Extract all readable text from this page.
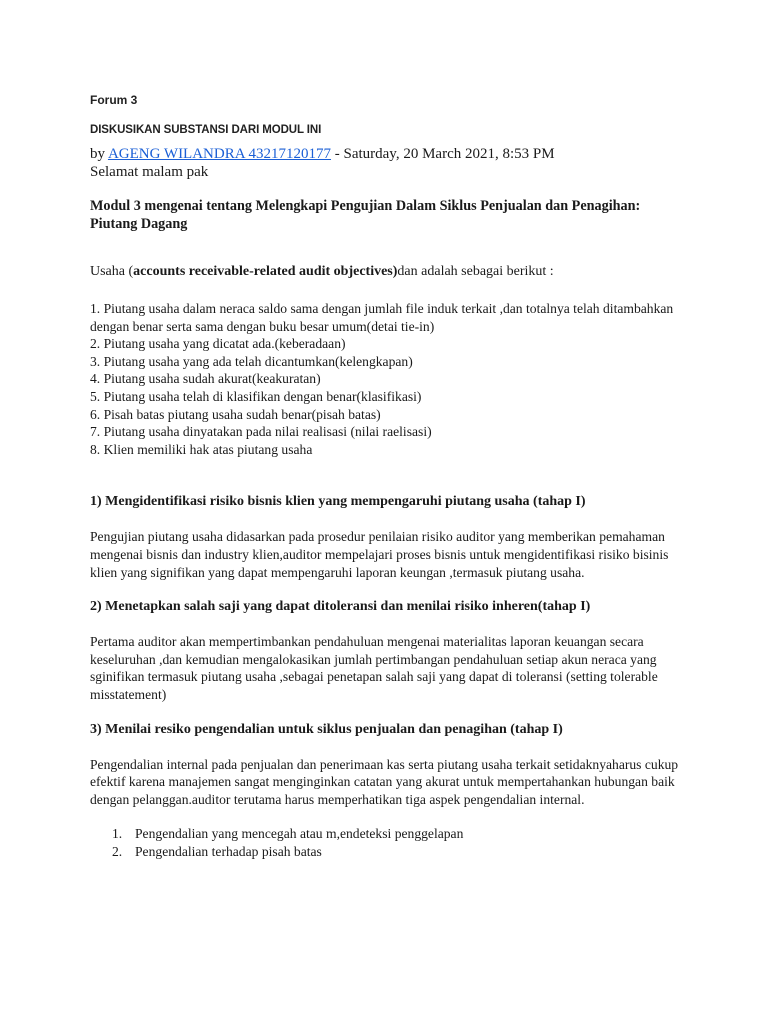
Forum 3
DISKUSIKAN SUBSTANSI DARI MODUL INI
by AGENG WILANDRA 43217120177 - Saturday, 20 March 2021, 8:53 PM
Selamat malam pak
Modul 3 mengenai tentang Melengkapi Pengujian Dalam Siklus Penjualan dan Penagihan: Piutang Dagang
Usaha (accounts receivable-related audit objectives)dan adalah sebagai berikut :
1. Piutang usaha dalam neraca saldo sama dengan jumlah file induk terkait ,dan totalnya telah ditambahkan dengan benar serta sama dengan buku besar umum(detai tie-in)
2. Piutang usaha yang dicatat ada.(keberadaan)
3. Piutang usaha yang ada telah dicantumkan(kelengkapan)
4. Piutang usaha sudah akurat(keakuratan)
5. Piutang usaha telah di klasifikan dengan benar(klasifikasi)
6. Pisah batas piutang usaha sudah benar(pisah batas)
7. Piutang usaha dinyatakan pada nilai realisasi (nilai raelisasi)
8. Klien memiliki hak atas piutang usaha
1) Mengidentifikasi risiko bisnis klien yang mempengaruhi piutang usaha (tahap I)
Pengujian piutang usaha didasarkan pada prosedur penilaian risiko auditor yang memberikan pemahaman mengenai bisnis dan industry klien,auditor mempelajari proses bisnis untuk mengidentifikasi risiko bisinis klien yang signifikan yang dapat mempengaruhi laporan keungan ,termasuk piutang usaha.
2) Menetapkan salah saji yang dapat ditoleransi dan menilai risiko inheren(tahap I)
Pertama auditor akan mempertimbankan pendahuluan mengenai materialitas laporan keuangan secara keseluruhan ,dan kemudian mengalokasikan jumlah pertimbangan pendahuluan setiap akun neraca yang sginifikan termasuk piutang usaha ,sebagai penetapan salah saji yang dapat di toleransi (setting tolerable misstatement)
3) Menilai resiko pengendalian untuk siklus penjualan dan penagihan (tahap I)
Pengendalian internal pada penjualan dan penerimaan kas serta piutang usaha terkait setidaknyaharus cukup efektif karena manajemen sangat menginginkan catatan yang akurat untuk mempertahankan hubungan baik dengan pelanggan.auditor terutama harus memperhatikan tiga aspek pengendalian internal.
1. Pengendalian yang mencegah atau m,endeteksi penggelapan
2. Pengendalian terhadap pisah batas
